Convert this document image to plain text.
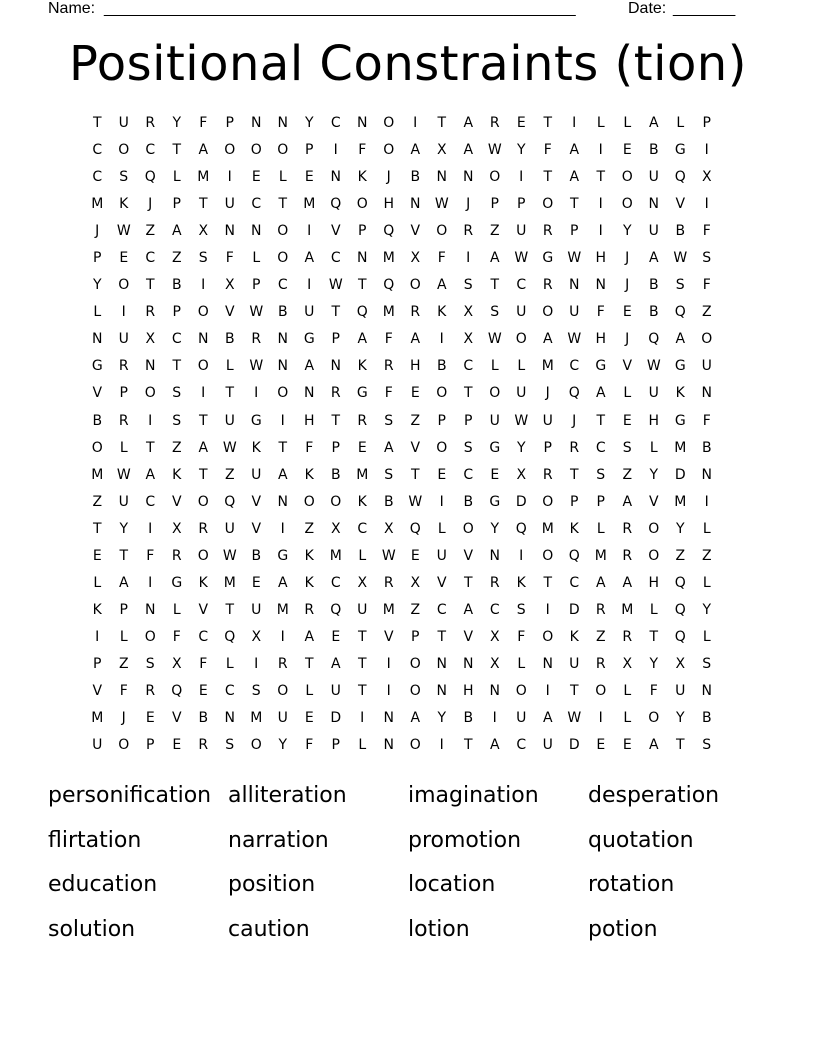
Name: _____________________________________________________	Date: _______
Positional Constraints (tion)
T	U	R	Y	F	P	N	N	Y	C	N	O	I	T	A	R	E	T	I	L	L	A	L	P
C	O	C	T	A	O	O	O	P	I	F	O	A	X	A	W	Y	F	A	I	E	B	G	I
C	S	Q	L	M	I	E	L	E	N	K	J	B	N	N	O	I	T	A	T	O	U	Q	X
M	K	J	P	T	U	C	T	M	Q	O	H	N	W	J	P	P	O	T	I	O	N	V	I
J	W	Z	A	X	N	N	O	I	V	P	Q	V	O	R	Z	U	R	P	I	Y	U	B	F
P	E	C	Z	S	F	L	O	A	C	N	M	X	F	I	A	W	G	W	H	J	A	W	S
Y	O	T	B	I	X	P	C	I	W	T	Q	O	A	S	T	C	R	N	N	J	B	S	F
L	I	R	P	O	V	W	B	U	T	Q	M	R	K	X	S	U	O	U	F	E	B	Q	Z
N	U	X	C	N	B	R	N	G	P	A	F	A	I	X	W	O	A	W	H	J	Q	A	O
G	R	N	T	O	L	W	N	A	N	K	R	H	B	C	L	L	M	C	G	V	W	G	U
V	P	O	S	I	T	I	O	N	R	G	F	E	O	T	O	U	J	Q	A	L	U	K	N
B	R	I	S	T	U	G	I	H	T	R	S	Z	P	P	U	W	U	J	T	E	H	G	F
O	L	T	Z	A	W	K	T	F	P	E	A	V	O	S	G	Y	P	R	C	S	L	M	B
M W	A	K	T	Z	U	A	K	B	M	S	T	E	C	E	X	R	T	S	Z	Y	D	N
Z	U	C	V	O	Q	V	N	O	O	K	B	W	I	B	G	D	O	P	P	A	V	M	I
T	Y	I	X	R	U	V	I	Z	X	C	X	Q	L	O	Y	Q	M	K	L	R	O	Y	L
E	T	F	R	O	W	B	G	K	M	L	W	E	U	V	N	I	O	Q	M	R	O	Z	Z
L	A	I	G	K	M	E	A	K	C	X	R	X	V	T	R	K	T	C	A	A	H	Q	L
K	P	N	L	V	T	U	M	R	Q	U	M	Z	C	A	C	S	I	D	R	M	L	Q	Y
I	L	O	F	C	Q	X	I	A	E	T	V	P	T	V	X	F	O	K	Z	R	T	Q	L
P	Z	S	X	F	L	I	R	T	A	T	I	O	N	N	X	L	N	U	R	X	Y	X	S
V	F	R	Q	E	C	S	O	L	U	T	I	O	N	H	N	O	I	T	O	L	F	U	N
M	J	E	V	B	N	M	U	E	D	I	N	A	Y	B	I	U	A	W	I	L	O	Y	B
U	O	P	E	R	S	O	Y	F	P	L	N	O	I	T	A	C	U	D	E	E	A	T	S
personification alliteration	imagination	desperation
flirtation	narration	promotion	quotation
education	position	location	rotation
solution	caution	lotion	potion
